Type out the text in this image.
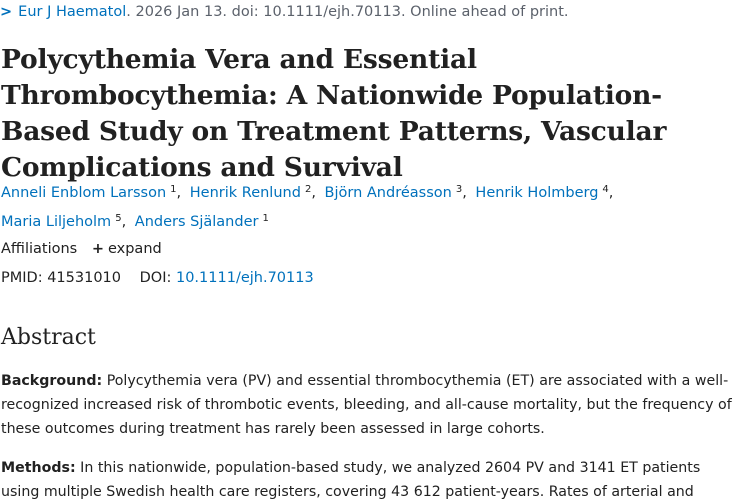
> Eur J Haematol. 2026 Jan 13. doi: 10.1111/ejh.70113. Online ahead of print.
Polycythemia Vera and Essential Thrombocythemia: A Nationwide Population-Based Study on Treatment Patterns, Vascular Complications and Survival
Anneli Enblom Larsson $^1$, Henrik Renlund $^2$, Björn Andréasson $^3$, Henrik Holmberg $^4$,
Maria Liljeholm $^5$, Anders Själander $^1$
Affiliations + expand
PMID: 41531010 DOI: 10.1111/ejh.70113
Abstract

Background: Polycythemia vera (PV) and essential thrombocythemia (ET) are associated with a well-recognized increased risk of thrombotic events, bleeding, and all-cause mortality, but the frequency of these outcomes during treatment has rarely been assessed in large cohorts.

Methods: In this nationwide, population-based study, we analyzed 2604 PV and 3141 ET patients using multiple Swedish health care registers, covering 43 612 patient-years. Rates of arterial and
